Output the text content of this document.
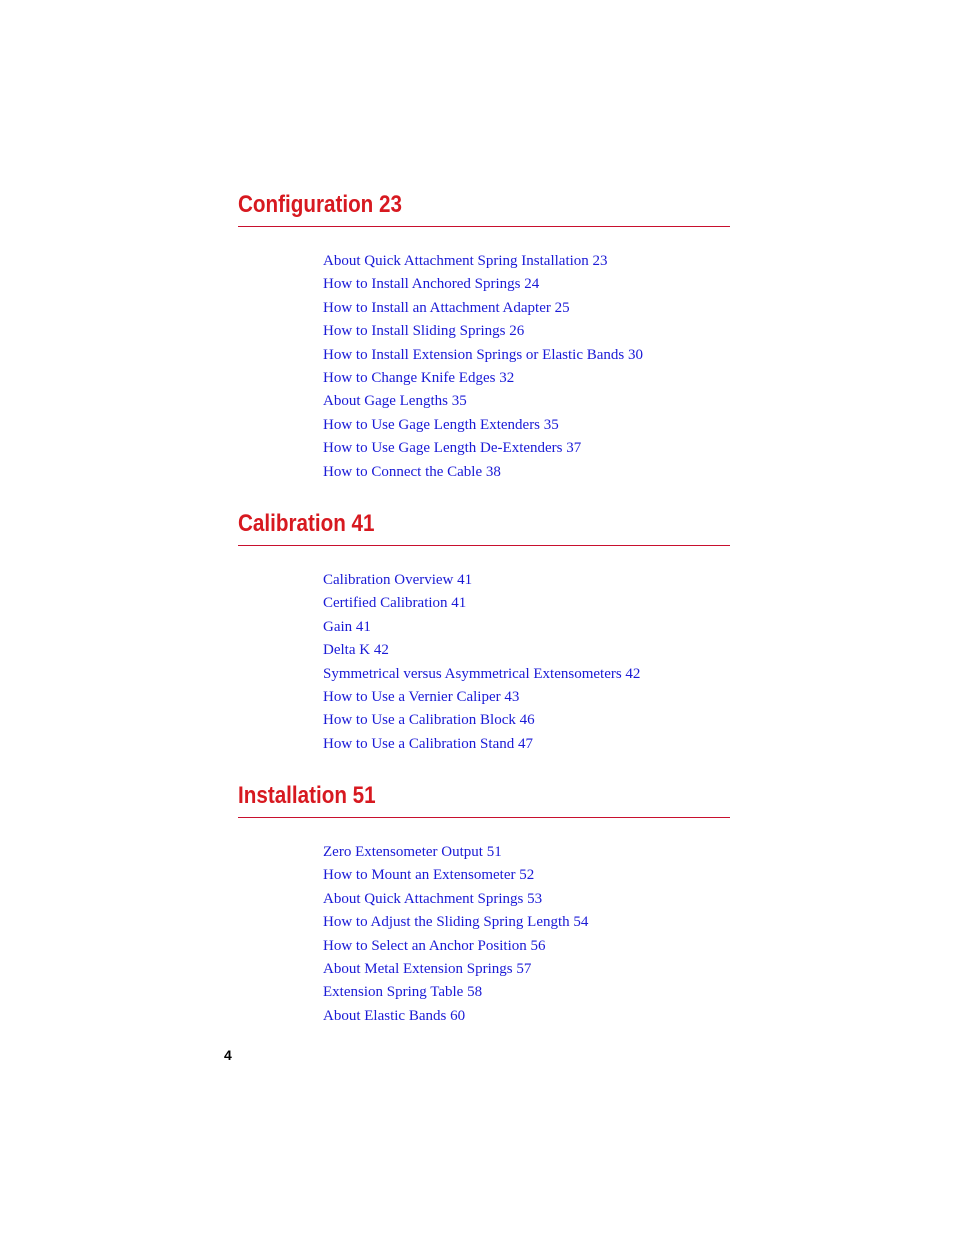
Configuration 23
About Quick Attachment Spring Installation 23
How to Install Anchored Springs 24
How to Install an Attachment Adapter 25
How to Install Sliding Springs 26
How to Install Extension Springs or Elastic Bands 30
How to Change Knife Edges 32
About Gage Lengths 35
How to Use Gage Length Extenders 35
How to Use Gage Length De-Extenders 37
How to Connect the Cable 38
Calibration 41
Calibration Overview 41
Certified Calibration 41
Gain 41
Delta K 42
Symmetrical versus Asymmetrical Extensometers 42
How to Use a Vernier Caliper 43
How to Use a Calibration Block 46
How to Use a Calibration Stand 47
Installation 51
Zero Extensometer Output 51
How to Mount an Extensometer 52
About Quick Attachment Springs 53
How to Adjust the Sliding Spring Length 54
How to Select an Anchor Position 56
About Metal Extension Springs 57
Extension Spring Table 58
About Elastic Bands 60
4
